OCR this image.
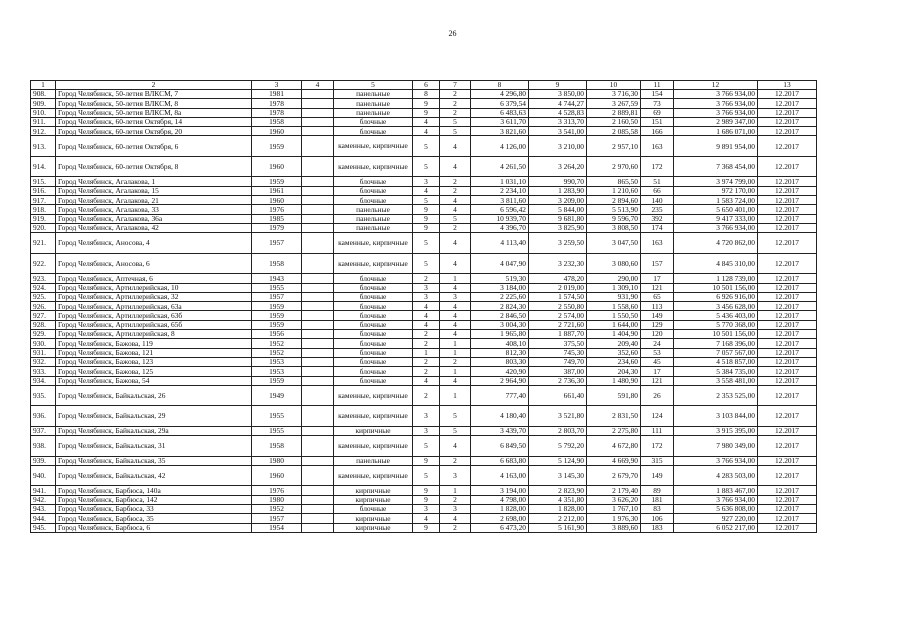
26
1	2	3	4	5	6	7	8	9	10	11	12	13
908.	Город Челябинск, 50-летия ВЛКСМ, 7	1981		панельные	8	2	4 296,80	3 850,00	3 716,30	154	3 766 934,00	12.2017
909.	Город Челябинск, 50-летия ВЛКСМ, 8	1978		панельные	9	2	6 379,54	4 744,27	3 267,59	73	3 766 934,00	12.2017
910.	Город Челябинск, 50-летия ВЛКСМ, 8а	1978		панельные	9	2	6 483,63	4 528,83	2 889,81	69	3 766 934,00	12.2017
911.	Город Челябинск, 60-летия Октября, 14	1958		блочные	4	5	3 611,70	3 313,70	2 160,50	151	2 989 347,00	12.2017
912.	Город Челябинск, 60-летия Октября, 20	1960		блочные	4	5	3 821,60	3 541,00	2 085,58	166	1 686 071,00	12.2017
913.	Город Челябинск, 60-летия Октября, 6	1959		каменные, кирпичные	5	4	4 126,00	3 210,00	2 957,10	163	9 891 954,00	12.2017
914.	Город Челябинск, 60-летия Октября, 8	1960		каменные, кирпичные	5	4	4 261,50	3 264,20	2 970,60	172	7 368 454,00	12.2017
915.	Город Челябинск, Агалакова, 1	1959		блочные	3	2	1 031,10	990,70	865,50	51	3 974 799,00	12.2017
916.	Город Челябинск, Агалакова, 15	1961		блочные	4	2	2 234,10	1 283,90	1 210,60	66	972 170,00	12.2017
917.	Город Челябинск, Агалакова, 21	1960		блочные	5	4	3 811,60	3 209,00	2 894,60	140	1 583 724,00	12.2017
918.	Город Челябинск, Агалакова, 33	1976		панельные	9	4	6 596,42	5 844,00	5 513,90	235	5 650 401,00	12.2017
919.	Город Челябинск, Агалакова, 36а	1985		панельные	9	5	10 939,70	9 681,80	9 596,70	392	9 417 333,00	12.2017
920.	Город Челябинск, Агалакова, 42	1979		панельные	9	2	4 396,70	3 825,90	3 808,50	174	3 766 934,00	12.2017
921.	Город Челябинск, Аносова, 4	1957		каменные, кирпичные	5	4	4 113,40	3 259,50	3 047,50	163	4 720 862,00	12.2017
922.	Город Челябинск, Аносова, 6	1958		каменные, кирпичные	5	4	4 047,90	3 232,30	3 080,60	157	4 845 310,00	12.2017
923.	Город Челябинск, Аптечная, 6	1943		блочные	2	1	519,30	478,20	290,00	17	1 128 739,00	12.2017
924.	Город Челябинск, Артиллерийская, 10	1955		блочные	3	4	3 184,00	2 019,00	1 309,10	121	10 501 156,00	12.2017
925.	Город Челябинск, Артиллерийская, 32	1957		блочные	3	3	2 225,60	1 574,50	931,90	65	6 926 916,00	12.2017
926.	Город Челябинск, Артиллерийская, 63а	1959		блочные	4	4	2 824,30	2 550,80	1 558,60	113	3 456 628,00	12.2017
927.	Город Челябинск, Артиллерийская, 63б	1959		блочные	4	4	2 846,50	2 574,00	1 550,50	149	5 436 403,00	12.2017
928.	Город Челябинск, Артиллерийская, 65б	1959		блочные	4	4	3 004,30	2 721,60	1 644,00	129	5 770 368,00	12.2017
929.	Город Челябинск, Артиллерийская, 8	1956		блочные	2	4	1 965,80	1 887,70	1 404,90	120	10 501 156,00	12.2017
930.	Город Челябинск, Бажова, 119	1952		блочные	2	1	408,10	375,50	209,40	24	7 168 396,00	12.2017
931.	Город Челябинск, Бажова, 121	1952		блочные	1	1	812,30	745,30	352,60	53	7 057 567,00	12.2017
932.	Город Челябинск, Бажова, 123	1953		блочные	2	2	803,30	749,70	234,60	45	4 518 857,00	12.2017
933.	Город Челябинск, Бажова, 125	1953		блочные	2	1	420,90	387,00	204,30	17	5 384 735,00	12.2017
934.	Город Челябинск, Бажова, 54	1959		блочные	4	4	2 964,90	2 736,30	1 480,90	121	3 558 481,00	12.2017
935.	Город Челябинск, Байкальская, 26	1949		каменные, кирпичные	2	1	777,40	661,40	591,80	26	2 353 525,00	12.2017
936.	Город Челябинск, Байкальская, 29	1955		каменные, кирпичные	3	5	4 180,40	3 521,80	2 831,50	124	3 103 844,00	12.2017
937.	Город Челябинск, Байкальская, 29а	1955		кирпичные	3	5	3 439,70	2 803,70	2 275,80	111	3 915 395,00	12.2017
938.	Город Челябинск, Байкальская, 31	1958		каменные, кирпичные	5	4	6 849,50	5 792,20	4 672,80	172	7 980 349,00	12.2017
939.	Город Челябинск, Байкальская, 35	1980		панельные	9	2	6 683,80	5 124,90	4 669,90	315	3 766 934,00	12.2017
940.	Город Челябинск, Байкальская, 42	1960		каменные, кирпичные	5	3	4 163,00	3 145,30	2 679,70	149	4 283 503,00	12.2017
941.	Город Челябинск, Барбюса, 140а	1976		кирпичные	9	1	3 194,00	2 823,90	2 179,40	89	1 883 467,00	12.2017
942.	Город Челябинск, Барбюса, 142	1980		кирпичные	9	2	4 798,00	4 351,80	3 626,20	181	3 766 934,00	12.2017
943.	Город Челябинск, Барбюса, 33	1952		блочные	3	3	1 828,00	1 828,00	1 767,10	83	5 636 808,00	12.2017
944.	Город Челябинск, Барбюса, 35	1957		кирпичные	4	4	2 698,00	2 212,00	1 976,30	106	927 220,00	12.2017
945.	Город Челябинск, Барбюса, 6	1954		кирпичные	9	2	6 473,20	5 161,90	3 889,60	183	6 052 217,00	12.2017
